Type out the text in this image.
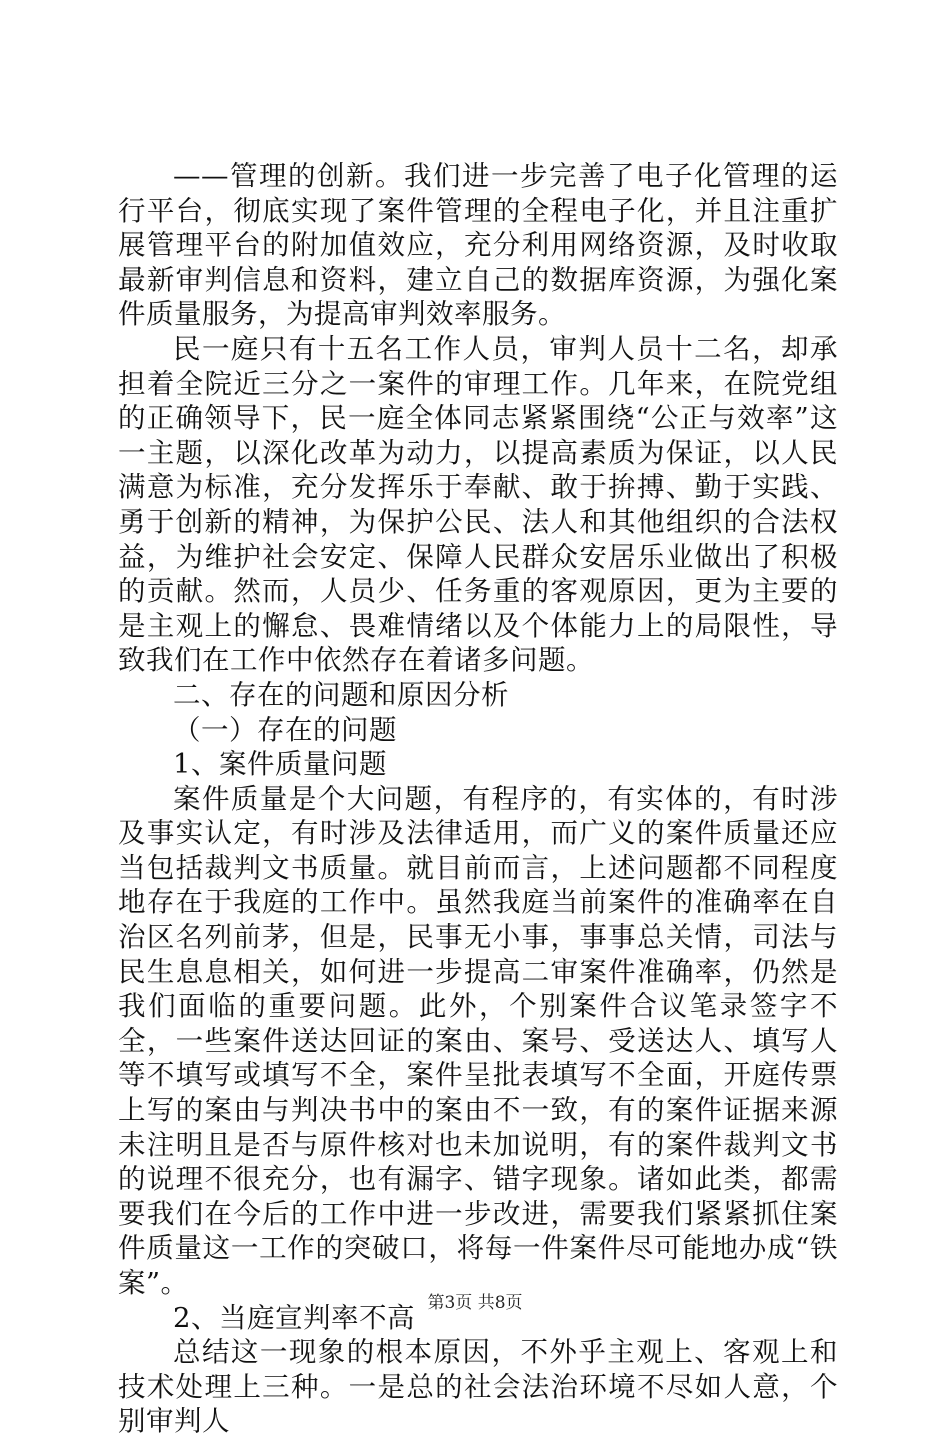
——管理的创新。我们进一步完善了电子化管理的运行平台，彻底实现了案件管理的全程电子化，并且注重扩展管理平台的附加值效应，充分利用网络资源，及时收取最新审判信息和资料，建立自己的数据库资源，为强化案件质量服务，为提高审判效率服务。

民一庭只有十五名工作人员，审判人员十二名，却承担着全院近三分之一案件的审理工作。几年来，在院党组的正确领导下，民一庭全体同志紧紧围绕“公正与效率”这一主题，以深化改革为动力，以提高素质为保证，以人民满意为标准，充分发挥乐于奉献、敢于拚搏、勤于实践、勇于创新的精神，为保护公民、法人和其他组织的合法权益，为维护社会安定、保障人民群众安居乐业做出了积极的贡献。然而，人员少、任务重的客观原因，更为主要的是主观上的懈怠、畏难情绪以及个体能力上的局限性，导致我们在工作中依然存在着诸多问题。

二、存在的问题和原因分析

（一）存在的问题

1、案件质量问题

案件质量是个大问题，有程序的，有实体的，有时涉及事实认定，有时涉及法律适用，而广义的案件质量还应当包括裁判文书质量。就目前而言，上述问题都不同程度地存在于我庭的工作中。虽然我庭当前案件的准确率在自治区名列前茅，但是，民事无小事，事事总关情，司法与民生息息相关，如何进一步提高二审案件准确率，仍然是我们面临的重要问题。此外，个别案件合议笔录签字不全，一些案件送达回证的案由、案号、受送达人、填写人等不填写或填写不全，案件呈批表填写不全面，开庭传票上写的案由与判决书中的案由不一致，有的案件证据来源未注明且是否与原件核对也未加说明，有的案件裁判文书的说理不很充分，也有漏字、错字现象。诸如此类，都需要我们在今后的工作中进一步改进，需要我们紧紧抓住案件质量这一工作的突破口，将每一件案件尽可能地办成“铁案”。

2、当庭宣判率不高

总结这一现象的根本原因，不外乎主观上、客观上和技术处理上三种。一是总的社会法治环境不尽如人意，个别审判人

第3页 共8页
